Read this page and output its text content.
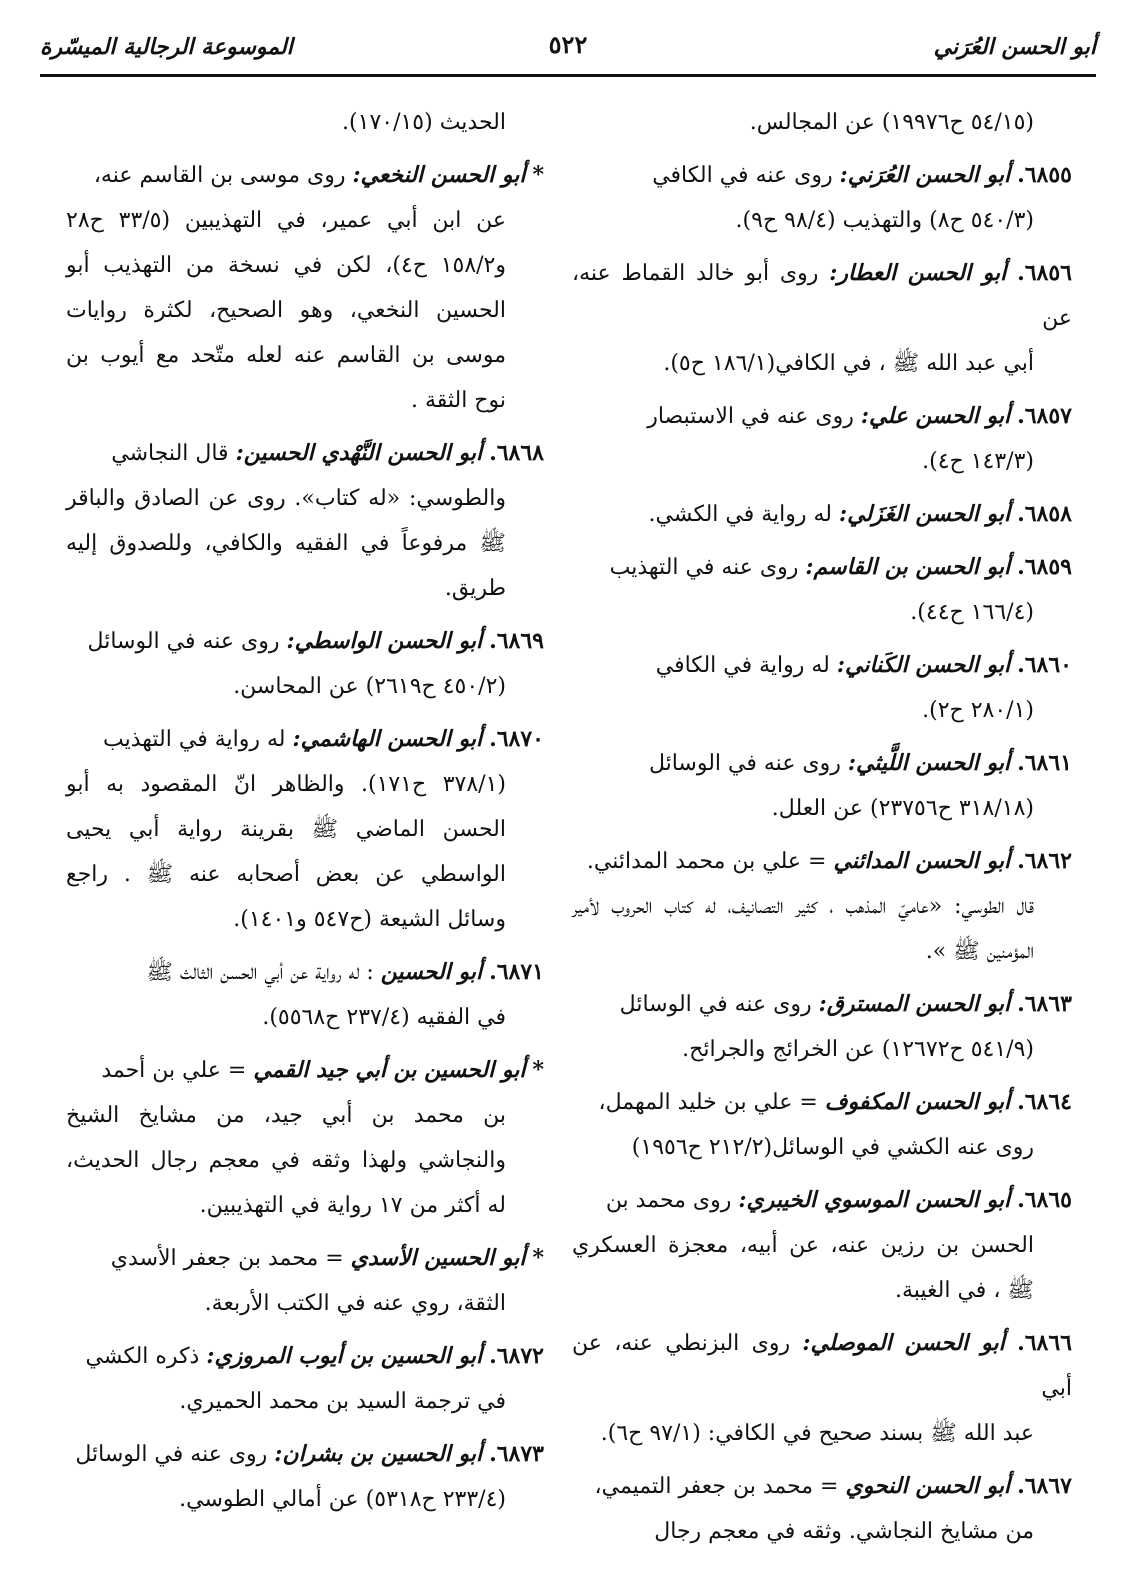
أبو الحسن العُرَني
٥٢٢
الموسوعة الرجالية الميسّرة
(٥٤/١٥ ح١٩٩٧٦) عن المجالس.
٦٨٥٥. أبو الحسن العُرَني: روى عنه في الكافي
(٥٤٠/٣ ح٨) والتهذيب (٩٨/٤ ح٩).
٦٨٥٦. أبو الحسن العطار: روى أبو خالد القماط عنه، عن
أبي عبد الله ﷺ ، في الكافي(١٨٦/١ ح٥).
٦٨٥٧. أبو الحسن علي: روى عنه في الاستبصار
(١٤٣/٣ ح٤).
٦٨٥٨. أبو الحسن الغَزَلي: له رواية في الكشي.
٦٨٥٩. أبو الحسن بن القاسم: روى عنه في التهذيب
(١٦٦/٤ ح٤٤).
٦٨٦٠. أبو الحسن الكَناني: له رواية في الكافي
(٢٨٠/١ ح٢).
٦٨٦١. أبو الحسن اللَّيثي: روى عنه في الوسائل
(٣١٨/١٨ ح٢٣٧٥٦) عن العلل.
٦٨٦٢. أبو الحسن المدائني = علي بن محمد المدائني.
قال الطوسي: «عاميّ المذهب ، كثير التصانيف، له كتاب الحروب لأمير المؤمنين ﷺ ».
٦٨٦٣. أبو الحسن المسترق: روى عنه في الوسائل
(٥٤١/٩ ح١٢٦٧٢) عن الخرائج والجرائح.
٦٨٦٤. أبو الحسن المكفوف = علي بن خليد المهمل،
روى عنه الكشي في الوسائل(٢١٢/٢ ح١٩٥٦)
٦٨٦٥. أبو الحسن الموسوي الخيبري: روى محمد بن
الحسن بن رزين عنه، عن أبيه، معجزة العسكري ﷺ ، في الغيبة.
٦٨٦٦. أبو الحسن الموصلي: روى البزنطي عنه، عن أبي
عبد الله ﷺ بسند صحيح في الكافي: (٩٧/١ ح٦).
٦٨٦٧. أبو الحسن النحوي = محمد بن جعفر التميمي،
من مشايخ النجاشي. وثقه في معجم رجال
الحديث (١٧٠/١٥).
* أبو الحسن النخعي: روى موسى بن القاسم عنه،
عن ابن أبي عمير، في التهذيبين (٣٣/٥ ح٢٨ و١٥٨/٢ ح٤)، لكن في نسخة من التهذيب أبو الحسين النخعي، وهو الصحيح، لكثرة روايات موسى بن القاسم عنه لعله متّحد مع أيوب بن نوح الثقة .
٦٨٦٨. أبو الحسن النَّهْدي الحسين: قال النجاشي
والطوسي: «له كتاب». روى عن الصادق والباقر ﷺ مرفوعاً في الفقيه والكافي، وللصدوق إليه طريق.
٦٨٦٩. أبو الحسن الواسطي: روى عنه في الوسائل
(٤٥٠/٢ ح٢٦١٩) عن المحاسن.
٦٨٧٠. أبو الحسن الهاشمي: له رواية في التهذيب
(٣٧٨/١ ح١٧١). والظاهر انّ المقصود به أبو الحسن الماضي ﷺ بقرينة رواية أبي يحيى الواسطي عن بعض أصحابه عنه ﷺ . راجع وسائل الشيعة (ح٥٤٧ و١٤٠١).
٦٨٧١. أبو الحسين : له رواية عن أبي الحسن الثالث ﷺ
في الفقيه (٢٣٧/٤ ح٥٥٦٨).
* أبو الحسين بن أبي جيد القمي = علي بن أحمد
بن محمد بن أبي جيد، من مشايخ الشيخ والنجاشي ولهذا وثقه في معجم رجال الحديث، له أكثر من ١٧ رواية في التهذيبين.
* أبو الحسين الأسدي = محمد بن جعفر الأسدي
الثقة، روي عنه في الكتب الأربعة.
٦٨٧٢. أبو الحسين بن أيوب المروزي: ذكره الكشي
في ترجمة السيد بن محمد الحميري.
٦٨٧٣. أبو الحسين بن بشران: روى عنه في الوسائل
(٢٣٣/٤ ح٥٣١٨) عن أمالي الطوسي.
